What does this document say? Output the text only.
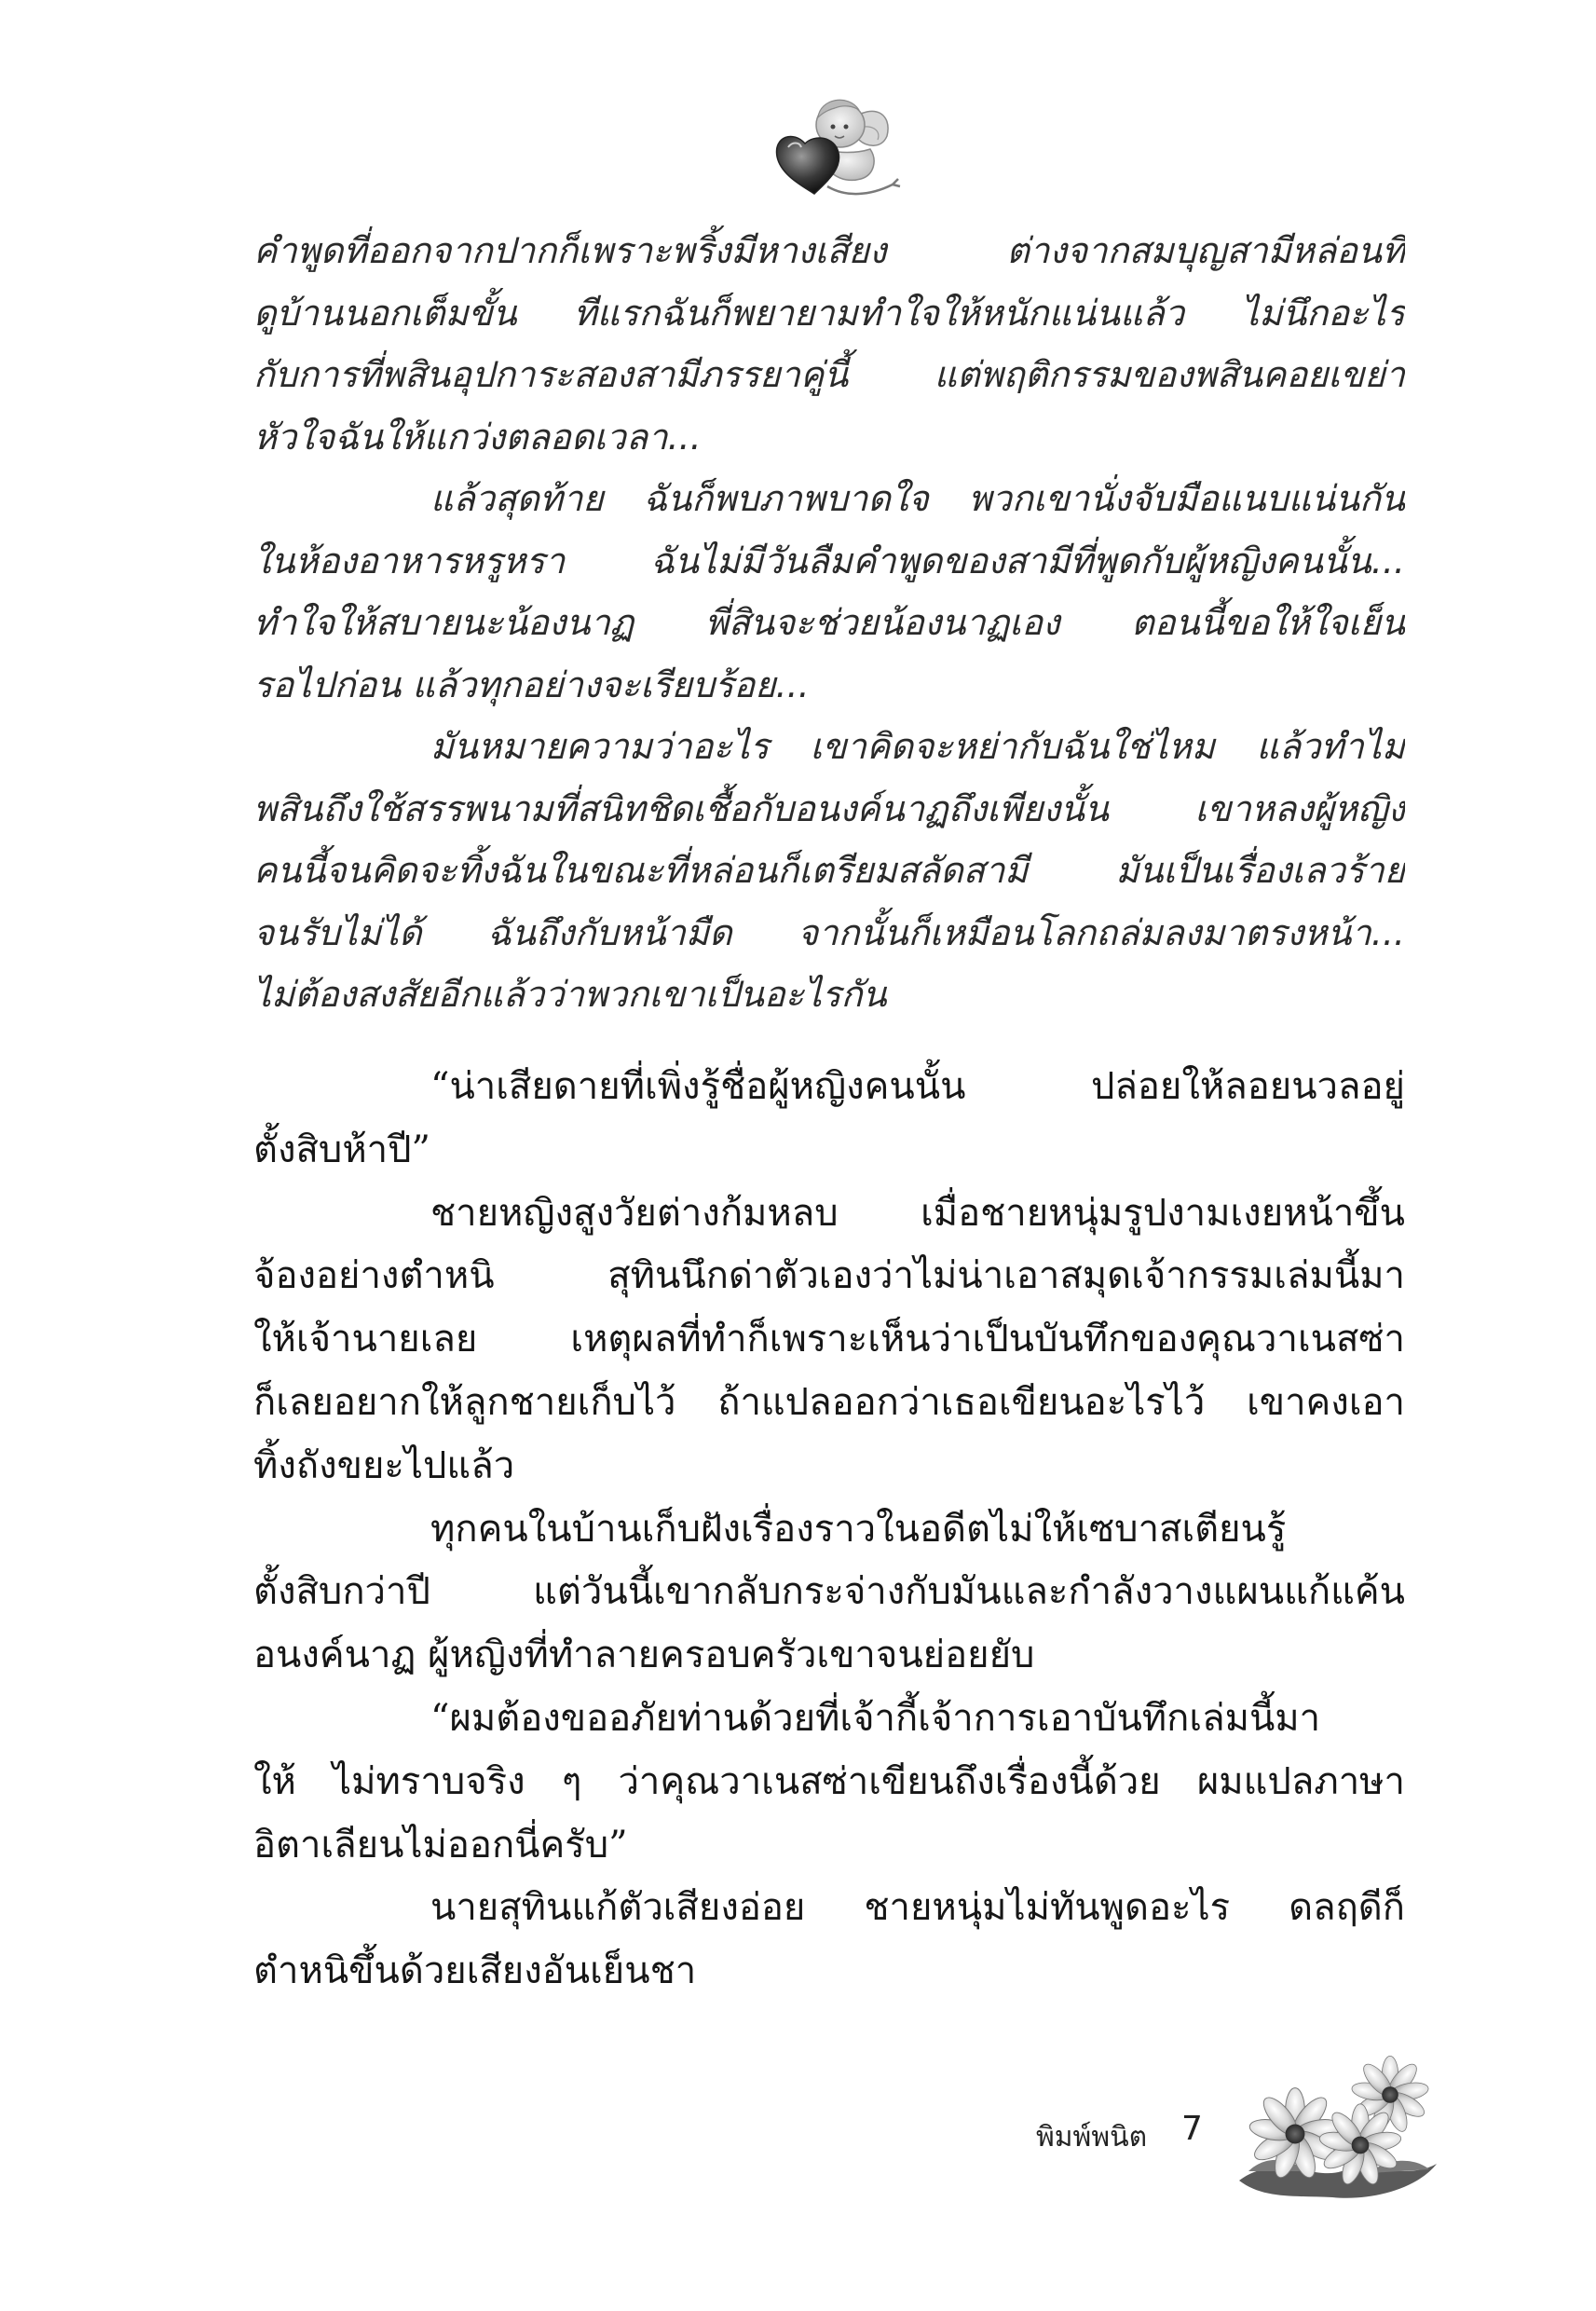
คำพูดที่ออกจากปากก็เพราะพริ้งมีหางเสียง ต่างจากสมบุญสามีหล่อนที่
ดูบ้านนอกเต็มขั้น ทีแรกฉันก็พยายามทำใจให้หนักแน่นแล้ว ไม่นึกอะไร
กับการที่พสินอุปการะสองสามีภรรยาคู่นี้ แต่พฤติกรรมของพสินคอยเขย่า
หัวใจฉันให้แกว่งตลอดเวลา...
แล้วสุดท้าย ฉันก็พบภาพบาดใจ พวกเขานั่งจับมือแนบแน่นกัน
ในห้องอาหารหรูหรา ฉันไม่มีวันลืมคำพูดของสามีที่พูดกับผู้หญิงคนนั้น...
ทำใจให้สบายนะน้องนาฏ พี่สินจะช่วยน้องนาฏเอง ตอนนี้ขอให้ใจเย็น
รอไปก่อน แล้วทุกอย่างจะเรียบร้อย...
มันหมายความว่าอะไร เขาคิดจะหย่ากับฉันใช่ไหม แล้วทำไม
พสินถึงใช้สรรพนามที่สนิทชิดเชื้อกับอนงค์นาฏถึงเพียงนั้น เขาหลงผู้หญิง
คนนี้จนคิดจะทิ้งฉันในขณะที่หล่อนก็เตรียมสลัดสามี มันเป็นเรื่องเลวร้าย
จนรับไม่ได้ ฉันถึงกับหน้ามืด จากนั้นก็เหมือนโลกถล่มลงมาตรงหน้า...
ไม่ต้องสงสัยอีกแล้วว่าพวกเขาเป็นอะไรกัน
“น่าเสียดายที่เพิ่งรู้ชื่อผู้หญิงคนนั้น ปล่อยให้ลอยนวลอยู่
ตั้งสิบห้าปี”
ชายหญิงสูงวัยต่างก้มหลบ เมื่อชายหนุ่มรูปงามเงยหน้าขึ้น
จ้องอย่างตำหนิ สุทินนึกด่าตัวเองว่าไม่น่าเอาสมุดเจ้ากรรมเล่มนี้มา
ให้เจ้านายเลย เหตุผลที่ทำก็เพราะเห็นว่าเป็นบันทึกของคุณวาเนสซ่า
ก็เลยอยากให้ลูกชายเก็บไว้ ถ้าแปลออกว่าเธอเขียนอะไรไว้ เขาคงเอา
ทิ้งถังขยะไปแล้ว
ทุกคนในบ้านเก็บฝังเรื่องราวในอดีตไม่ให้เซบาสเตียนรู้
ตั้งสิบกว่าปี แต่วันนี้เขากลับกระจ่างกับมันและกำลังวางแผนแก้แค้น
อนงค์นาฏ ผู้หญิงที่ทำลายครอบครัวเขาจนย่อยยับ
“ผมต้องขออภัยท่านด้วยที่เจ้ากี้เจ้าการเอาบันทึกเล่มนี้มา
ให้ ไม่ทราบจริง ๆ ว่าคุณวาเนสซ่าเขียนถึงเรื่องนี้ด้วย ผมแปลภาษา
อิตาเลียนไม่ออกนี่ครับ”
นายสุทินแก้ตัวเสียงอ่อย ชายหนุ่มไม่ทันพูดอะไร ดลฤดีก็
ตำหนิขึ้นด้วยเสียงอันเย็นชา
พิมพ์พนิต 7
